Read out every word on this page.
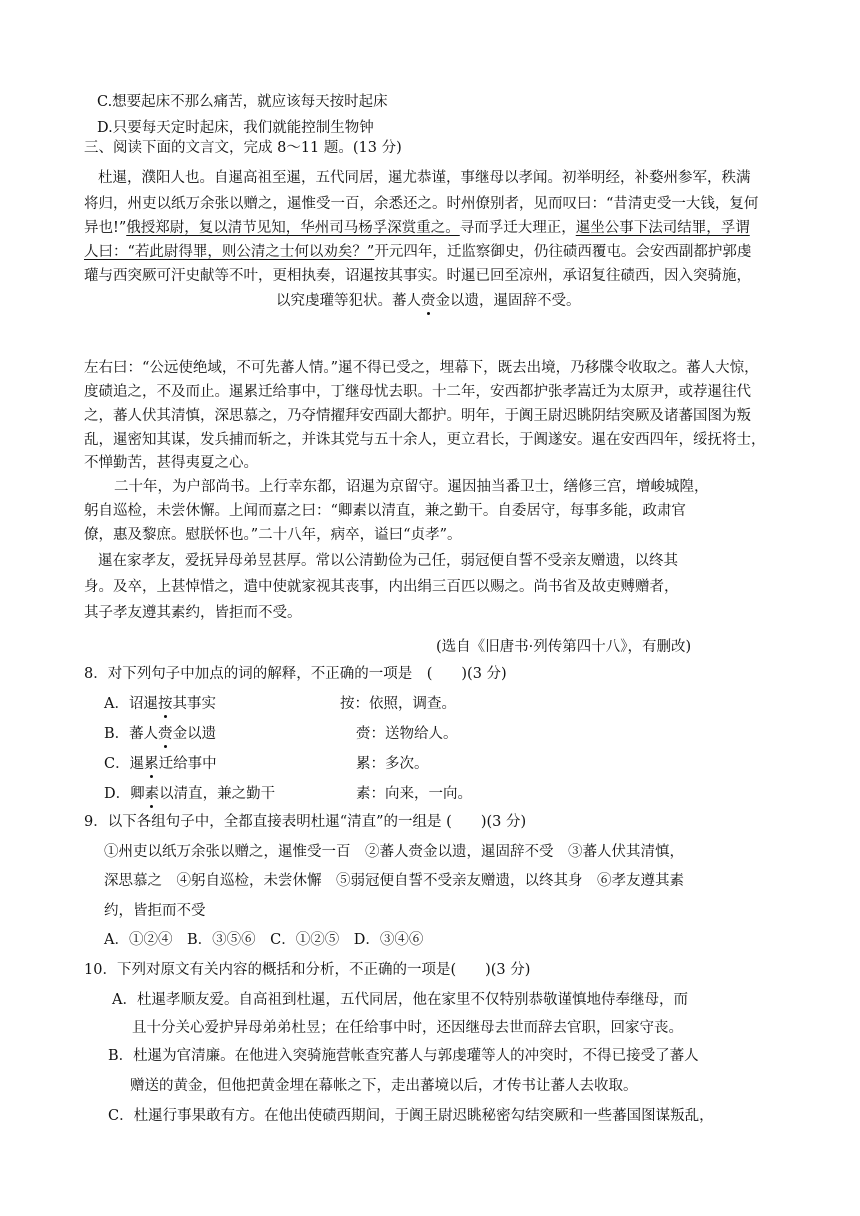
C.想要起床不那么痛苦，就应该每天按时起床
D.只要每天定时起床，我们就能控制生物钟
三、阅读下面的文言文，完成 8～11 题。(13 分)
杜暹，濮阳人也。自暹高祖至暹，五代同居，暹尤恭谨，事继母以孝闻。初举明经，补婺州参军，秩满
将归，州吏以纸万余张以赠之，暹惟受一百，余悉还之。时州僚别者，见而叹曰：“昔清吏受一大钱，复何
异也!”俄授郑尉，复以清节见知，华州司马杨孚深赏重之。寻而孚迁大理正，暹坐公事下法司结罪，孚谓
人曰：“若此尉得罪，则公清之士何以劝矣？”开元四年，迁监察御史，仍往碛西覆屯。会安西副都护郭虔
瓘与西突厥可汗史献等不叶，更相执奏，诏暹按其事实。时暹已回至凉州，承诏复往碛西，因入突骑施，
以究虔瓘等犯状。蕃人赍金以遗，暹固辞不受。
左右曰：“公远使绝域，不可先蕃人情。”暹不得已受之，埋幕下，既去出境，乃移牒令收取之。蕃人大惊，
度碛追之，不及而止。暹累迁给事中，丁继母忧去职。十二年，安西都护张孝嵩迁为太原尹，或荐暹往代
之，蕃人伏其清慎，深思慕之，乃夺情擢拜安西副大都护。明年，于阗王尉迟眺阴结突厥及诸蕃国图为叛
乱，暹密知其谋，发兵捕而斩之，并诛其党与五十余人，更立君长，于阗遂安。暹在安西四年，绥抚将士，
不惮勤苦，甚得夷夏之心。
二十年，为户部尚书。上行幸东都，诏暹为京留守。暹因抽当番卫士，缮修三宫，增峻城隍，
躬自巡检，未尝休懈。上闻而嘉之曰：“卿素以清直，兼之勤干。自委居守，每事多能，政肃官
僚，惠及黎庶。慰朕怀也。”二十八年，病卒，谥曰“贞孝”。
暹在家孝友，爱抚异母弟昱甚厚。常以公清勤俭为己任，弱冠便自誓不受亲友赠遗，以终其
身。及卒，上甚悼惜之，遣中使就家视其丧事，内出绢三百匹以赐之。尚书省及故吏赙赠者，
其子孝友遵其素约，皆拒而不受。
(选自《旧唐书·列传第四十八》，有删改)
8．对下列句子中加点的词的解释，不正确的一项是　(　　)(3 分)
A．诏暹按其事实	按：依照，调查。
B．蕃人赍金以遗	赍：送物给人。
C．暹累迁给事中	累：多次。
D．卿素以清直，兼之勤干	素：向来，一向。
9．以下各组句子中，全都直接表明杜暹“清直”的一组是 (　　)(3 分)
①州吏以纸万余张以赠之，暹惟受一百　②蕃人赍金以遗，暹固辞不受　③蕃人伏其清慎，
深思慕之　④躬自巡检，未尝休懈　⑤弱冠便自誓不受亲友赠遗，以终其身　⑥孝友遵其素
约，皆拒而不受
A．①②④　B．③⑤⑥　C．①②⑤　D．③④⑥
10．下列对原文有关内容的概括和分析，不正确的一项是(　　)(3 分)
A．杜暹孝顺友爱。自高祖到杜暹，五代同居，他在家里不仅特别恭敬谨慎地侍奉继母，而
且十分关心爱护异母弟弟杜昱；在任给事中时，还因继母去世而辞去官职，回家守丧。
B．杜暹为官清廉。在他进入突骑施营帐查究蕃人与郭虔瓘等人的冲突时，不得已接受了蕃人
赠送的黄金，但他把黄金埋在幕帐之下，走出蕃境以后，才传书让蕃人去收取。
C．杜暹行事果敢有方。在他出使碛西期间，于阗王尉迟眺秘密勾结突厥和一些蕃国图谋叛乱，
